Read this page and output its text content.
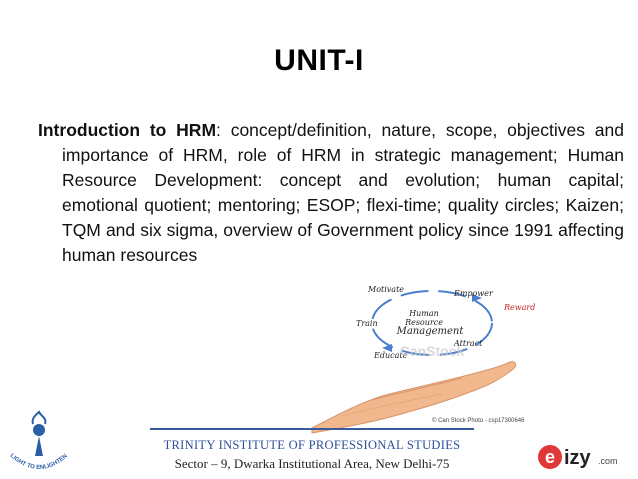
UNIT-I
Introduction to HRM: concept/definition, nature, scope, objectives and importance of HRM, role of HRM in strategic management; Human Resource Development: concept and evolution; human capital; emotional quotient; mentoring; ESOP; flexi-time; quality circles; Kaizen; TQM and six sigma, overview of Government policy since 1991 affecting human resources
Human
Resource
Management
Motivate	Empower
Reward
Train
Attract
Educate
CanStock
© Can Stock Photo - csp17300646
TRINITY INSTITUTE OF PROFESSIONAL STUDIES
Sector – 9, Dwarka Institutional Area, New Delhi-75
LIGHT TO ENLIGHTEN	e izy .com
